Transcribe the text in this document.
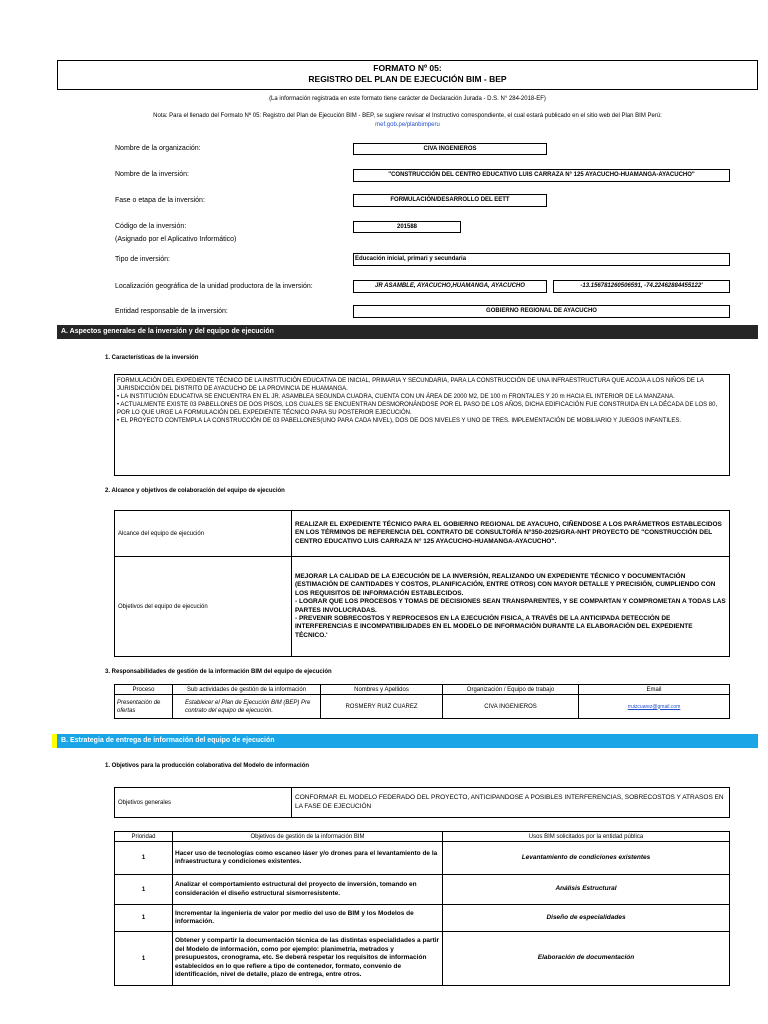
FORMATO Nº 05:
REGISTRO DEL PLAN DE EJECUCIÓN BIM - BEP
(La información registrada en este formato tiene carácter de Declaración Jurada - D.S. N° 284-2018-EF)
Nota: Para el llenado del Formato Nº 05: Registro del Plan de Ejecución BIM - BEP, se sugiere revisar el Instructivo correspondiente, el cual estará publicado en el sitio web del Plan BIM Perú:
mef.gob.pe/planbimperu
Nombre de la organización:	CIVA INGENIEROS
Nombre de la inversión:	"CONSTRUCCIÓN DEL CENTRO EDUCATIVO LUIS CARRAZA N° 125 AYACUCHO-HUAMANGA-AYACUCHO"
Fase o etapa de la inversión:	FORMULACIÓN/DESARROLLO DEL EETT
Código de la inversión:
(Asignado por el Aplicativo Informático)
201588
Tipo de inversión:	Educación inicial, primari y secundaria
Localización geográfica de la unidad productora de la inversión:	JR ASAMBLE, AYACUCHO,HUAMANGA, AYACUCHO	-13.156781260506591, -74.22462884455122'
Entidad responsable de la inversión:	GOBIERNO REGIONAL DE AYACUCHO
A. Aspectos generales de la inversión y del equipo de ejecución
1. Características de la inversión
FORMULACIÓN DEL EXPEDIENTE TÉCNICO DE LA INSTITUCIÓN EDUCATIVA DE INICIAL, PRIMARIA Y SECUNDARIA, PARA LA CONSTRUCCIÓN DE UNA INFRAESTRUCTURA QUE ACOJA A LOS NIÑOS DE LA JURISDICCIÓN DEL DISTRITO DE AYACUCHO DE LA PROVINCIA DE HUAMANGA.
• LA INSTITUCIÓN EDUCATIVA SE ENCUENTRA EN EL JR. ASAMBLEA SEGUNDA CUADRA, CUENTA CON UN ÁREA DE 2000 M2, DE 100 m FRONTALES Y 20 m HACIA EL INTERIOR DE LA MANZANA.
• ACTUALMENTE EXISTE 03 PABELLONES DE DOS PISOS, LOS CUALES SE ENCUENTRAN DESMORONÁNDOSE POR EL PASO DE LOS AÑOS, DICHA EDIFICACIÓN FUE CONSTRUIDA EN LA DÉCADA DE LOS 80, POR LO QUE URGE LA FORMULACIÓN DEL EXPEDIENTE TÉCNICO PARA SU POSTERIOR EJECUCIÓN.
• EL PROYECTO CONTEMPLA LA CONSTRUCCIÓN DE 03 PABELLONES(UNO PARA CADA NIVEL), DOS DE DOS NIVELES Y UNO DE TRES. IMPLEMENTACIÓN DE MOBILIARIO Y JUEGOS INFANTILES.
2. Alcance y objetivos de colaboración del equipo de ejecución
Alcance del equipo de ejecución	REALIZAR EL EXPEDIENTE TÉCNICO PARA EL GOBIERNO REGIONAL DE AYACUHO, CIÑENDOSE A LOS PARÁMETROS ESTABLECIDOS EN LOS TÉRMINOS DE REFERENCIA DEL CONTRATO DE CONSULTORÍA N°350-2025/GRA-NHT PROYECTO DE "CONSTRUCCIÓN DEL CENTRO EDUCATIVO LUIS CARRAZA N° 125 AYACUCHO-HUAMANGA-AYACUCHO".
Objetivos del equipo de ejecución	MEJORAR LA CALIDAD DE LA EJECUCIÓN DE LA INVERSIÓN, REALIZANDO UN EXPEDIENTE TÉCNICO Y DOCUMENTACIÓN (ESTIMACIÓN DE CANTIDADES Y COSTOS, PLANIFICACIÓN, ENTRE OTROS) CON MAYOR DETALLE Y PRECISIÓN, CUMPLIENDO CON LOS REQUISITOS DE INFORMACIÓN ESTABLECIDOS.
- LOGRAR QUE LOS PROCESOS Y TOMAS DE DECISIONES SEAN TRANSPARENTES, Y SE COMPARTAN Y COMPROMETAN A TODAS LAS PARTES INVOLUCRADAS.
- PREVENIR SOBRECOSTOS Y REPROCESOS EN LA EJECUCIÓN FISICA, A TRAVÉS DE LA ANTICIPADA DETECCIÓN DE INTERFERENCIAS E INCOMPATIBILIDADES EN EL MODELO DE INFORMACIÓN DURANTE LA ELABORACIÓN DEL EXPEDIENTE TÉCNICO.'
3. Responsabilidades de gestión de la información BIM del equipo de ejecución
Proceso	Sub actividades de gestión de la información	Nombres y Apellidos	Organización / Equipo de trabajo	Email
Presentación de ofertas	Establecer el Plan de Ejecución BIM (BEP) Pre contrato del equipo de ejecución.	ROSMERY RUIZ CUAREZ	CIVA INGENIEROS	rruizcuarez@gmail.com
B. Estrategia de entrega de información del equipo de ejecución
1. Objetivos para la producción colaborativa del Modelo de información
Objetivos generales	CONFORMAR EL MODELO FEDERADO DEL PROYECTO, ANTICIPANDOSE A POSIBLES INTERFERENCIAS, SOBRECOSTOS Y ATRASOS EN LA FASE DE EJECUCIÓN
Prioridad	Objetivos de gestión de la información BIM	Usos BIM solicitados por la entidad pública
1	Hacer uso de tecnologías como escaneo láser y/o drones para el levantamiento de la infraestructura y condiciones existentes.	Levantamiento de condiciones existentes
1	Analizar el comportamiento estructural del proyecto de inversión, tomando en consideración el diseño estructural sismorresistente.	Análisis Estructural
1	Incrementar la ingeniería de valor por medio del uso de BIM y los Modelos de información.	Diseño de especialidades
1	Obtener y compartir la documentación técnica de las distintas especialidades a partir del Modelo de información, como por ejemplo: planimetría, metrados y presupuestos, cronograma, etc. Se deberá respetar los requisitos de información establecidos en lo que refiere a tipo de contenedor, formato, convenio de identificación, nivel de detalle, plazo de entrega, entre otros.	Elaboración de documentación
